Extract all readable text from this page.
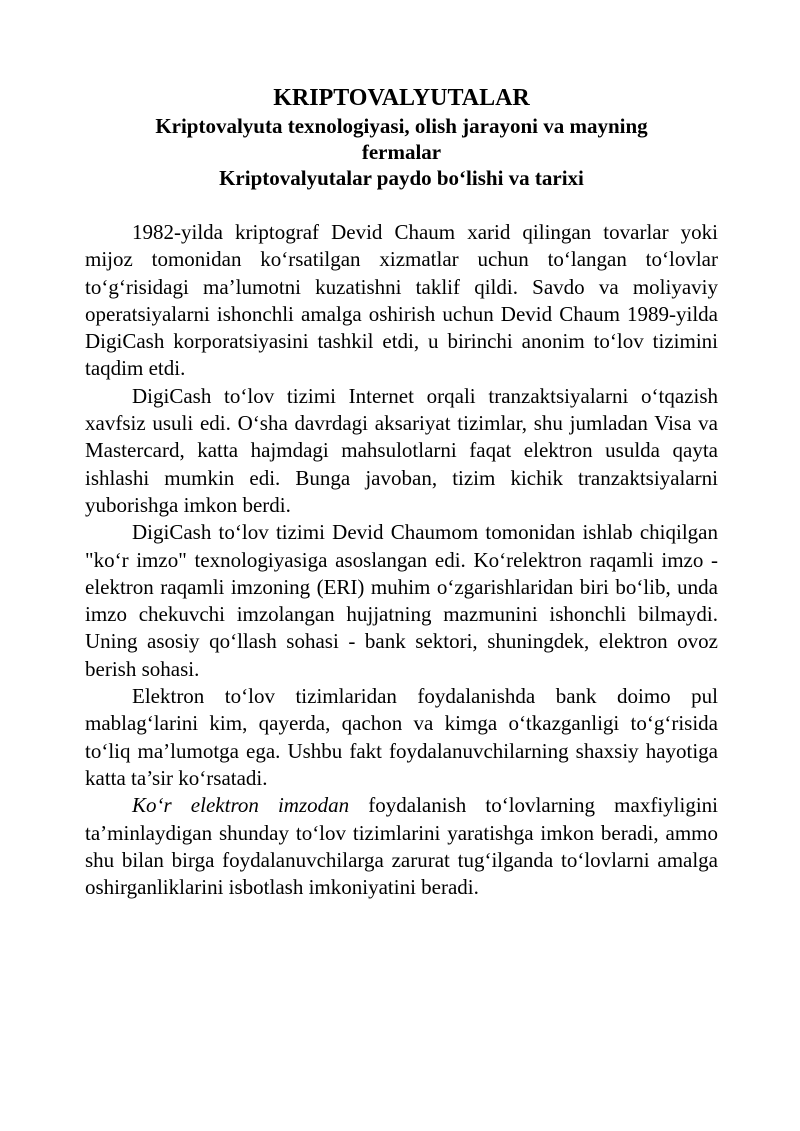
KRIPTOVALYUTALAR
Kriptovalyuta texnologiyasi, olish jarayoni va mayning fermalar
Kriptovalyutalar paydo bo‘lishi va tarixi

1982-yilda kriptograf Devid Chaum xarid qilingan tovarlar yoki mijoz tomonidan ko‘rsatilgan xizmatlar uchun to‘langan to‘lovlar to‘g‘risidagi ma’lumotni kuzatishni taklif qildi. Savdo va moliyaviy operatsiyalarni ishonchli amalga oshirish uchun Devid Chaum 1989-yilda DigiCash korporatsiyasini tashkil etdi, u birinchi anonim to‘lov tizimini taqdim etdi.

DigiCash to‘lov tizimi Internet orqali tranzaktsiyalarni o‘tqazish xavfsiz usuli edi. O‘sha davrdagi aksariyat tizimlar, shu jumladan Visa va Mastercard, katta hajmdagi mahsulotlarni faqat elektron usulda qayta ishlashi mumkin edi. Bunga javoban, tizim kichik tranzaktsiyalarni yuborishga imkon berdi.

DigiCash to‘lov tizimi Devid Chaumom tomonidan ishlab chiqilgan "ko‘r imzo" texnologiyasiga asoslangan edi. Ko‘relektron raqamli imzo - elektron raqamli imzoning (ERI) muhim o‘zgarishlaridan biri bo‘lib, unda imzo chekuvchi imzolangan hujjatning mazmunini ishonchli bilmaydi. Uning asosiy qo‘llash sohasi - bank sektori, shuningdek, elektron ovoz berish sohasi.

Elektron to‘lov tizimlaridan foydalanishda bank doimo pul mablag‘larini kim, qayerda, qachon va kimga o‘tkazganligi to‘g‘risida to‘liq ma’lumotga ega. Ushbu fakt foydalanuvchilarning shaxsiy hayotiga katta ta’sir ko‘rsatadi.

Ko‘r elektron imzodan foydalanish to‘lovlarning maxfiyligini ta’minlaydigan shunday to‘lov tizimlarini yaratishga imkon beradi, ammo shu bilan birga foydalanuvchilarga zarurat tug‘ilganda to‘lovlarni amalga oshirganliklarini isbotlash imkoniyatini beradi.
